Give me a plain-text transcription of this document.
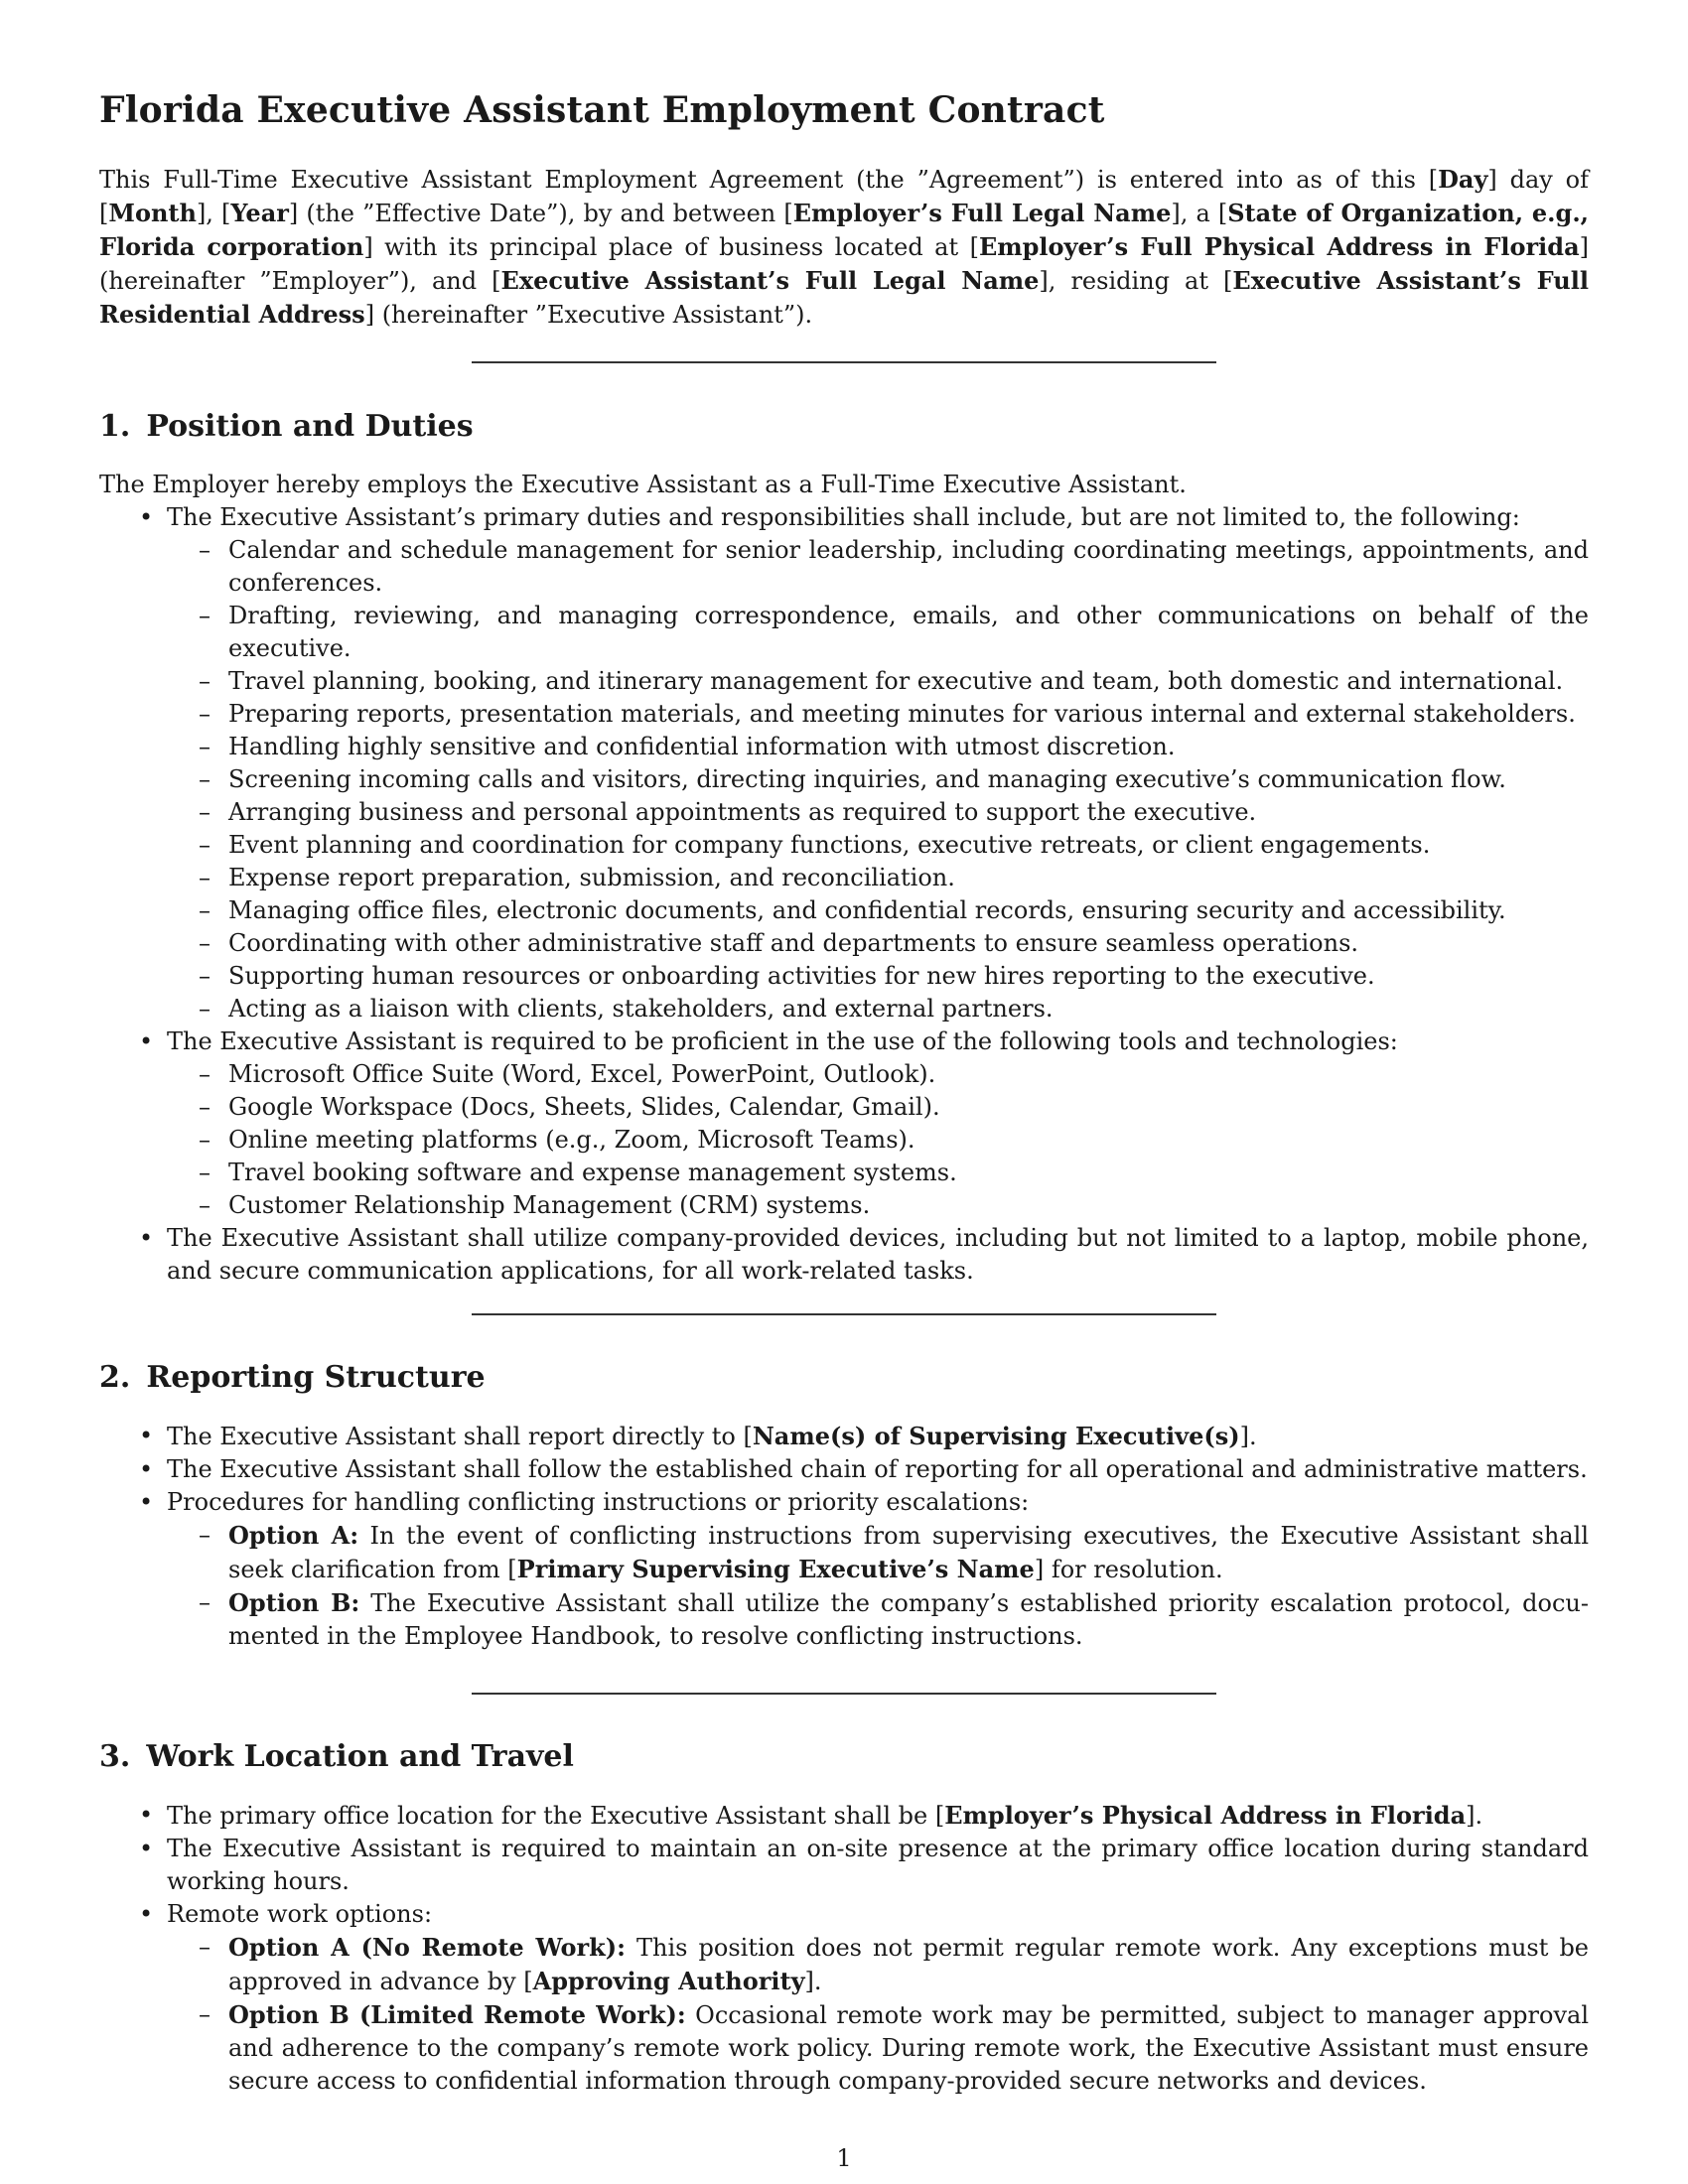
Florida Executive Assistant Employment Contract

This Full-Time Executive Assistant Employment Agreement (the ”Agreement”) is entered into as of this [Day] day of [Month], [Year] (the ”Effective Date”), by and between [Employer’s Full Legal Name], a [State of Organization, e.g., Florida corporation] with its principal place of business located at [Employer’s Full Physical Address in Florida] (hereinafter ”Employer”), and [Executive Assistant’s Full Legal Name], residing at [Executive Assistant’s Full Residential Address] (hereinafter ”Executive Assistant”).

1. Position and Duties

The Employer hereby employs the Executive Assistant as a Full-Time Executive Assistant.

• The Executive Assistant’s primary duties and responsibilities shall include, but are not limited to, the following:
– Calendar and schedule management for senior leadership, including coordinating meetings, appointments, and conferences.
– Drafting, reviewing, and managing correspondence, emails, and other communications on behalf of the executive.
– Travel planning, booking, and itinerary management for executive and team, both domestic and international.
– Preparing reports, presentation materials, and meeting minutes for various internal and external stakeholders.
– Handling highly sensitive and confidential information with utmost discretion.
– Screening incoming calls and visitors, directing inquiries, and managing executive’s communication flow.
– Arranging business and personal appointments as required to support the executive.
– Event planning and coordination for company functions, executive retreats, or client engagements.
– Expense report preparation, submission, and reconciliation.
– Managing office files, electronic documents, and confidential records, ensuring security and accessibility.
– Coordinating with other administrative staff and departments to ensure seamless operations.
– Supporting human resources or onboarding activities for new hires reporting to the executive.
– Acting as a liaison with clients, stakeholders, and external partners.
• The Executive Assistant is required to be proficient in the use of the following tools and technologies:
– Microsoft Office Suite (Word, Excel, PowerPoint, Outlook).
– Google Workspace (Docs, Sheets, Slides, Calendar, Gmail).
– Online meeting platforms (e.g., Zoom, Microsoft Teams).
– Travel booking software and expense management systems.
– Customer Relationship Management (CRM) systems.
• The Executive Assistant shall utilize company-provided devices, including but not limited to a laptop, mobile phone, and secure communication applications, for all work-related tasks.
2. Reporting Structure
• The Executive Assistant shall report directly to [Name(s) of Supervising Executive(s)].
• The Executive Assistant shall follow the established chain of reporting for all operational and administrative matters.
• Procedures for handling conflicting instructions or priority escalations:
– Option A: In the event of conflicting instructions from supervising executives, the Executive Assistant shall seek clarification from [Primary Supervising Executive’s Name] for resolution.
– Option B: The Executive Assistant shall utilize the company’s established priority escalation protocol, documented in the Employee Handbook, to resolve conflicting instructions.
3. Work Location and Travel
• The primary office location for the Executive Assistant shall be [Employer’s Physical Address in Florida].
• The Executive Assistant is required to maintain an on-site presence at the primary office location during standard working hours.
• Remote work options:
– Option A (No Remote Work): This position does not permit regular remote work. Any exceptions must be approved in advance by [Approving Authority].
– Option B (Limited Remote Work): Occasional remote work may be permitted, subject to manager approval and adherence to the company’s remote work policy. During remote work, the Executive Assistant must ensure secure access to confidential information through company-provided secure networks and devices.
1
